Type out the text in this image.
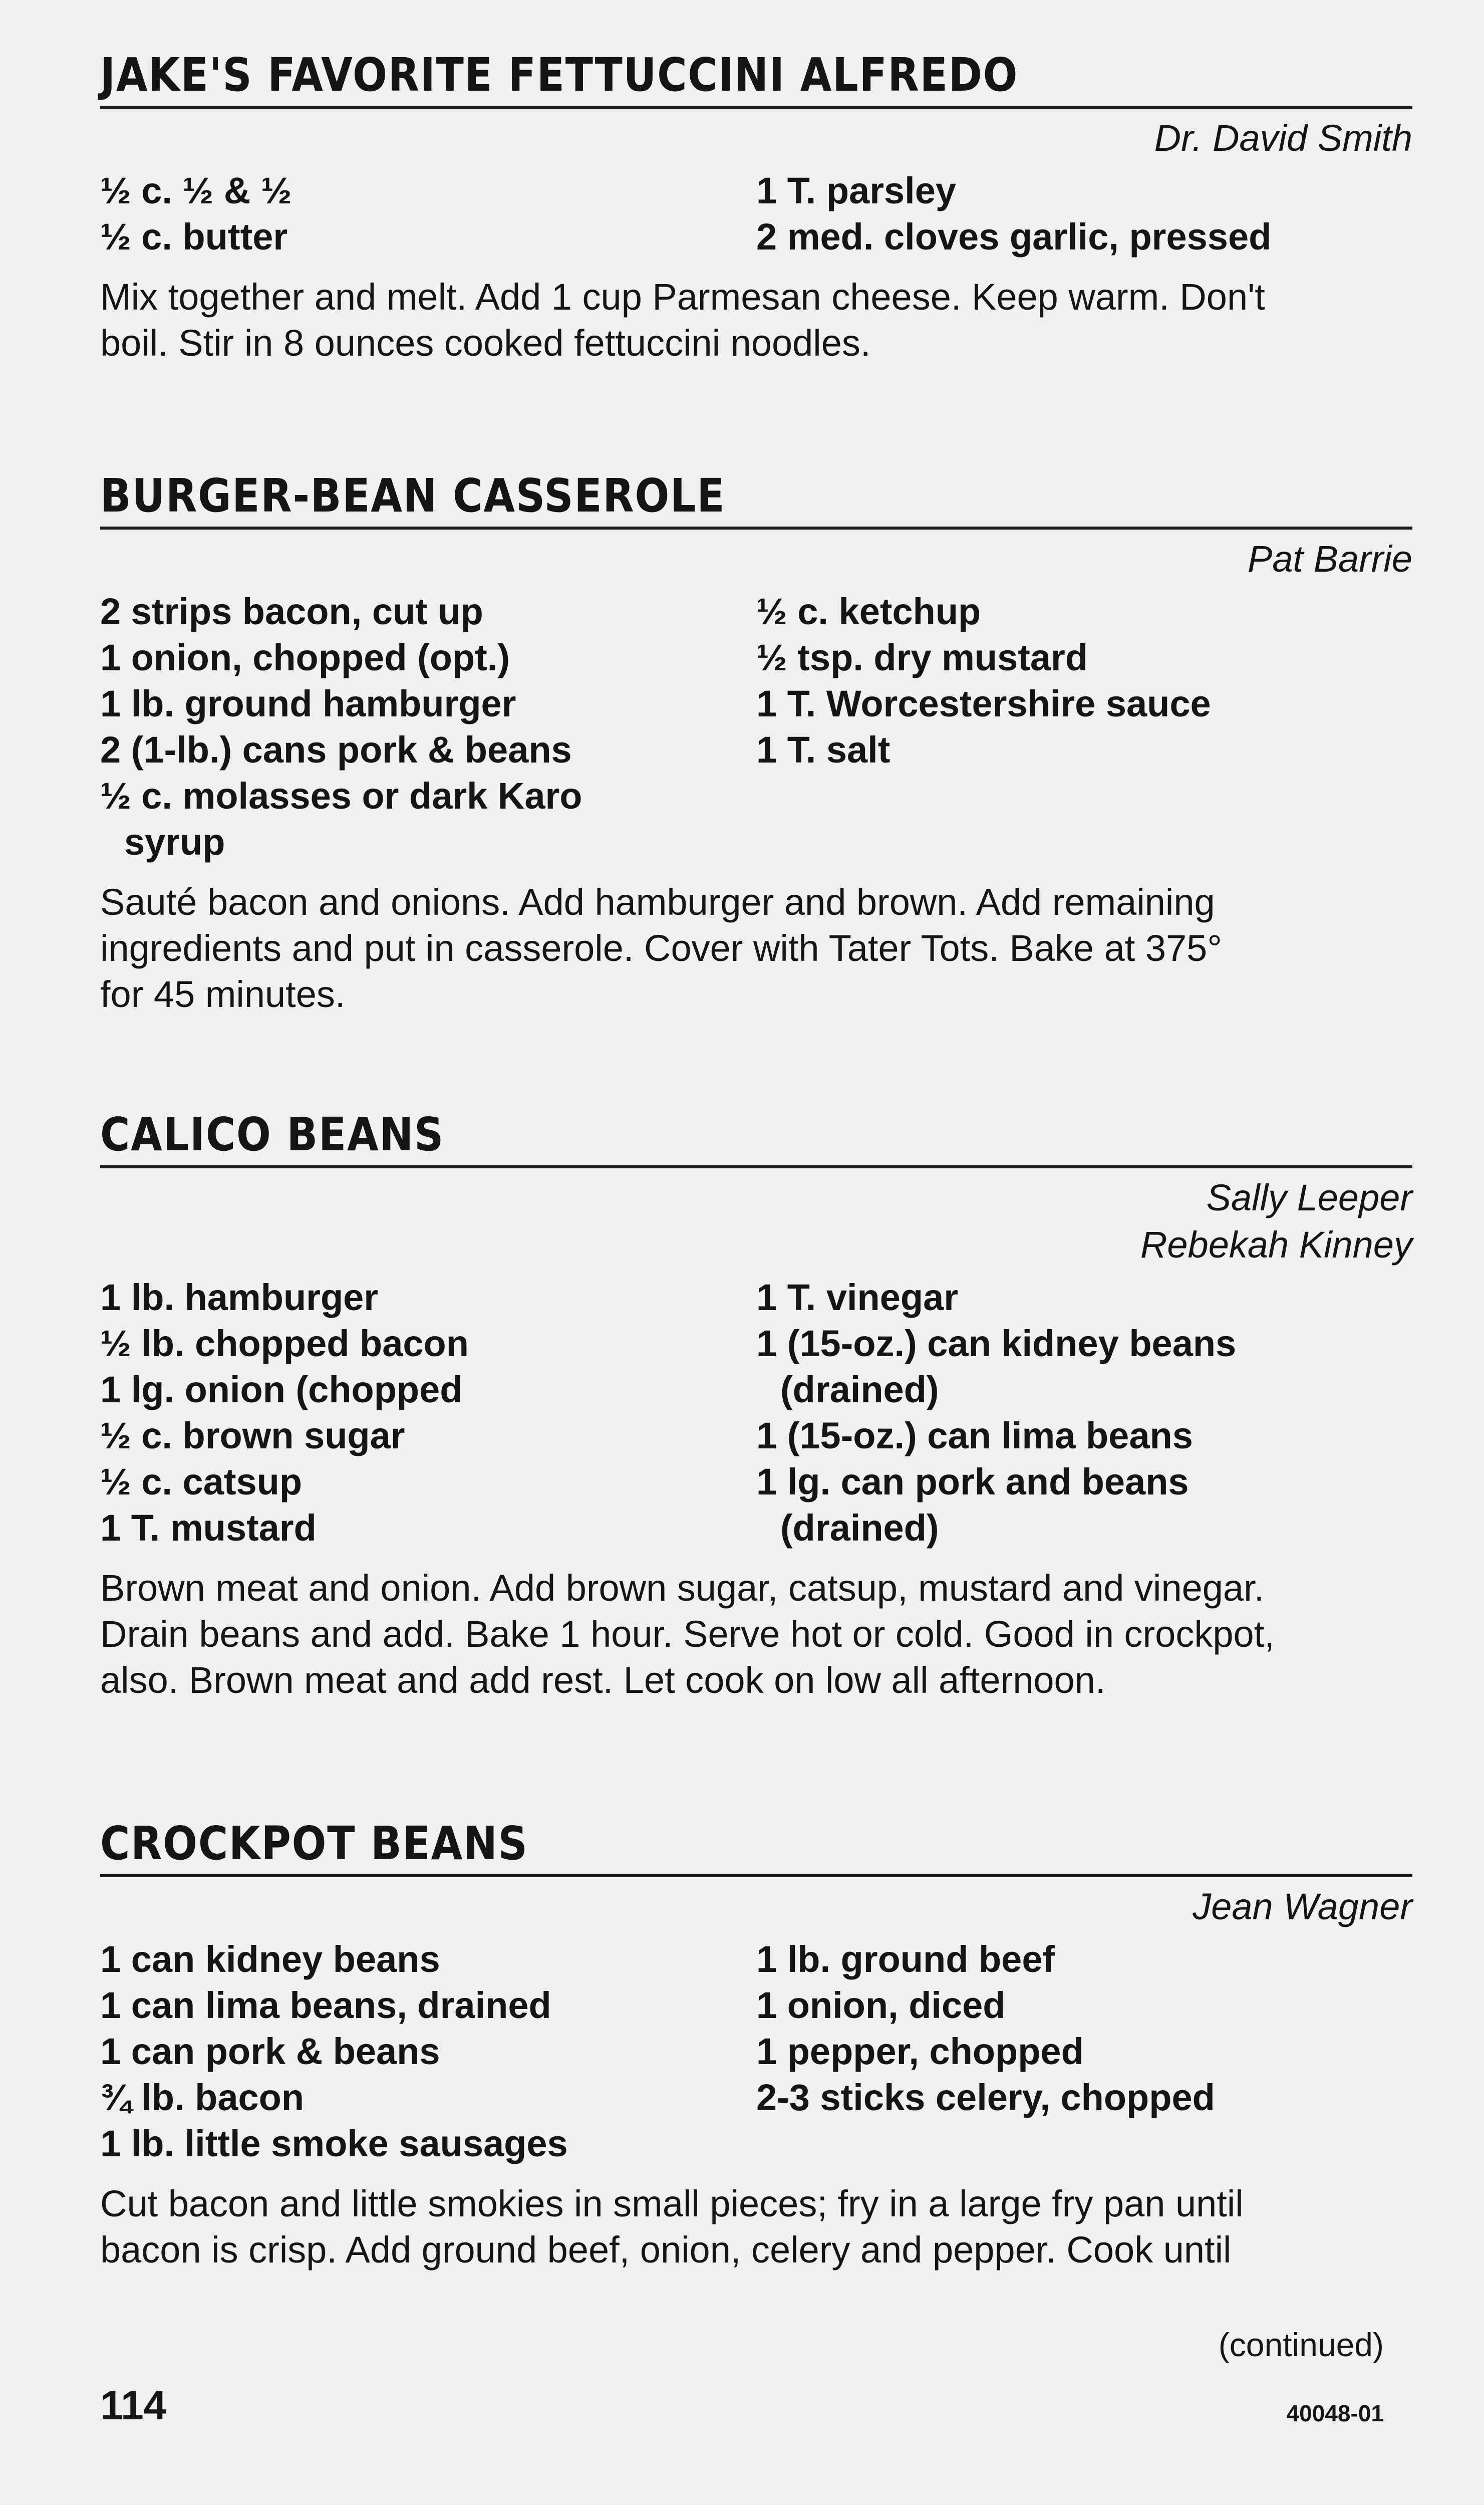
JAKE'S FAVORITE FETTUCCINI ALFREDO
Dr. David Smith
½ c. ½ & ½
½ c. butter
1 T. parsley
2 med. cloves garlic, pressed
Mix together and melt. Add 1 cup Parmesan cheese. Keep warm. Don't
boil. Stir in 8 ounces cooked fettuccini noodles.
BURGER-BEAN CASSEROLE
Pat Barrie
2 strips bacon, cut up
1 onion, chopped (opt.)
1 lb. ground hamburger
2 (1-lb.) cans pork & beans
½ c. molasses or dark Karo
syrup
½ c. ketchup
½ tsp. dry mustard
1 T. Worcestershire sauce
1 T. salt
Sauté bacon and onions. Add hamburger and brown. Add remaining
ingredients and put in casserole. Cover with Tater Tots. Bake at 375°
for 45 minutes.
CALICO BEANS
Sally Leeper
Rebekah Kinney
1 lb. hamburger
½ lb. chopped bacon
1 lg. onion (chopped
½ c. brown sugar
½ c. catsup
1 T. mustard
1 T. vinegar
1 (15-oz.) can kidney beans
(drained)
1 (15-oz.) can lima beans
1 lg. can pork and beans
(drained)
Brown meat and onion. Add brown sugar, catsup, mustard and vinegar.
Drain beans and add. Bake 1 hour. Serve hot or cold. Good in crockpot,
also. Brown meat and add rest. Let cook on low all afternoon.
CROCKPOT BEANS
Jean Wagner
1 can kidney beans
1 can lima beans, drained
1 can pork & beans
¾ lb. bacon
1 lb. little smoke sausages
1 lb. ground beef
1 onion, diced
1 pepper, chopped
2-3 sticks celery, chopped
Cut bacon and little smokies in small pieces; fry in a large fry pan until
bacon is crisp. Add ground beef, onion, celery and pepper. Cook until
(continued)
114	40048-01
